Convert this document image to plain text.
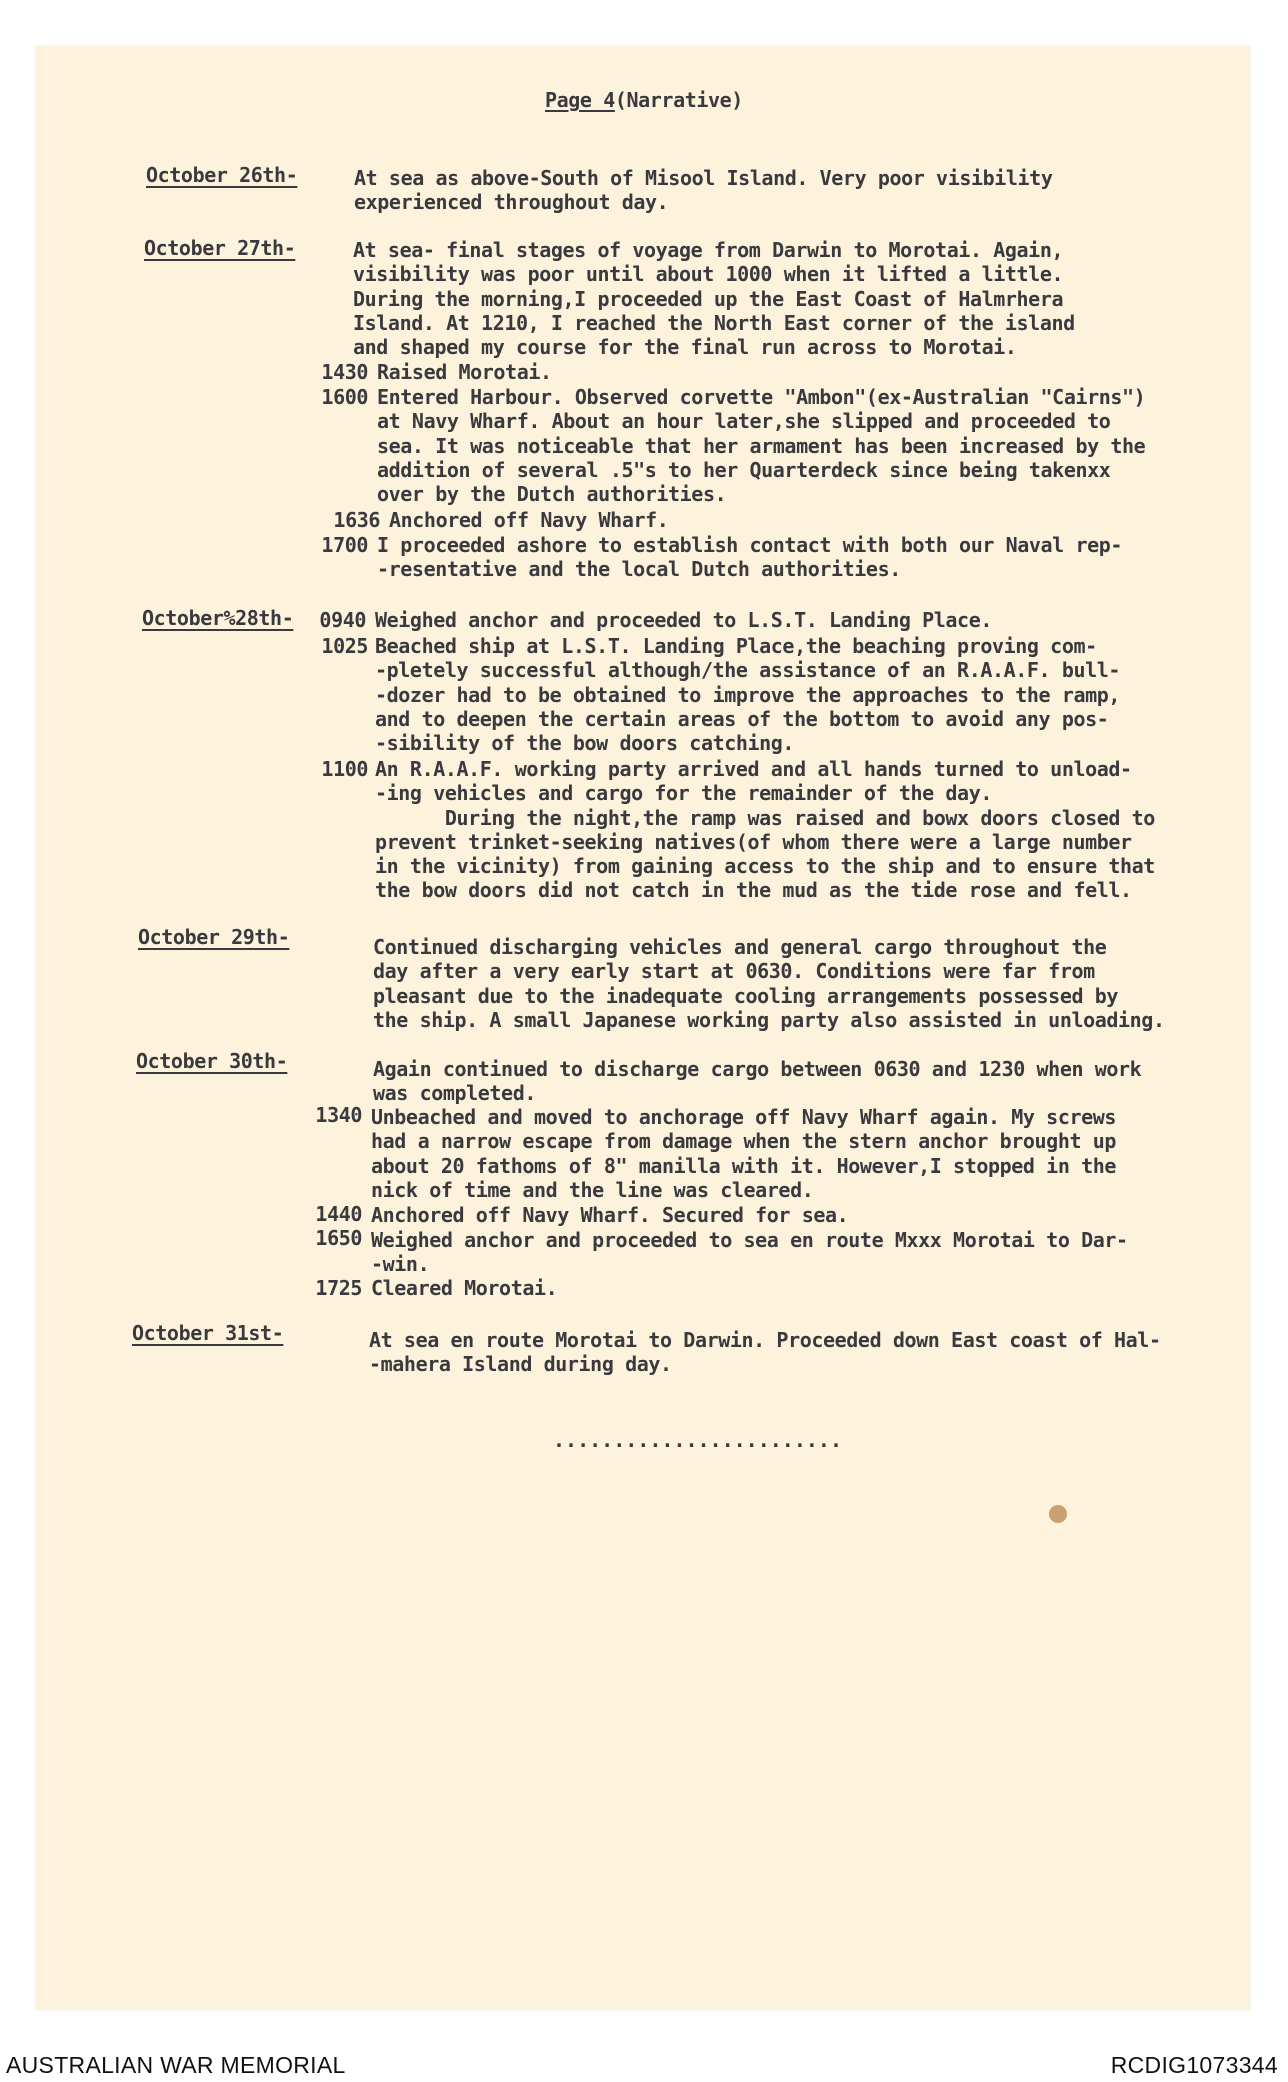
Page 4(Narrative)
October 26th-	At sea as above-South of Misool Island. Very poor visibility
experienced throughout day.
October 27th-	At sea- final stages of voyage from Darwin to Morotai. Again,
visibility was poor until about 1000 when it lifted a little.
During the morning,I proceeded up the East Coast of Halmrhera
Island. At 1210, I reached the North East corner of the island
and shaped my course for the final run across to Morotai.
1430 Raised Morotai.
1600 Entered Harbour. Observed corvette "Ambon"(ex-Australian "Cairns")
at Navy Wharf. About an hour later,she slipped and proceeded to
sea. It was noticeable that her armament has been increased by the
addition of several .5"s to her Quarterdeck since being takenxx
over by the Dutch authorities.
1636 Anchored off Navy Wharf.
1700 I proceeded ashore to establish contact with both our Naval rep-
-resentative and the local Dutch authorities.
October%28th-	0940 Weighed anchor and proceeded to L.S.T. Landing Place.
1025 Beached ship at L.S.T. Landing Place,the beaching proving com-
-pletely successful although/the assistance of an R.A.A.F. bull-
-dozer had to be obtained to improve the approaches to the ramp,
and to deepen the certain areas of the bottom to avoid any pos-
-sibility of the bow doors catching.
1100 An R.A.A.F. working party arrived and all hands turned to unload-
-ing vehicles and cargo for the remainder of the day.
During the night,the ramp was raised and bowx doors closed to
prevent trinket-seeking natives(of whom there were a large number
in the vicinity) from gaining access to the ship and to ensure that
the bow doors did not catch in the mud as the tide rose and fell.
October 29th-	Continued discharging vehicles and general cargo throughout the
day after a very early start at 0630. Conditions were far from
pleasant due to the inadequate cooling arrangements possessed by
the ship. A small Japanese working party also assisted in unloading.
October 30th-	Again continued to discharge cargo between 0630 and 1230 when work
was completed.
1340 Unbeached and moved to anchorage off Navy Wharf again. My screws
had a narrow escape from damage when the stern anchor brought up
about 20 fathoms of 8" manilla with it. However,I stopped in the
nick of time and the line was cleared.
1440 Anchored off Navy Wharf. Secured for sea.
1650 Weighed anchor and proceeded to sea en route Mxxx Morotai to Dar-
-win.
1725 Cleared Morotai.
October 31st-	At sea en route Morotai to Darwin. Proceeded down East coast of Hal-
-mahera Island during day.
........................
AUSTRALIAN WAR MEMORIAL	RCDIG1073344
